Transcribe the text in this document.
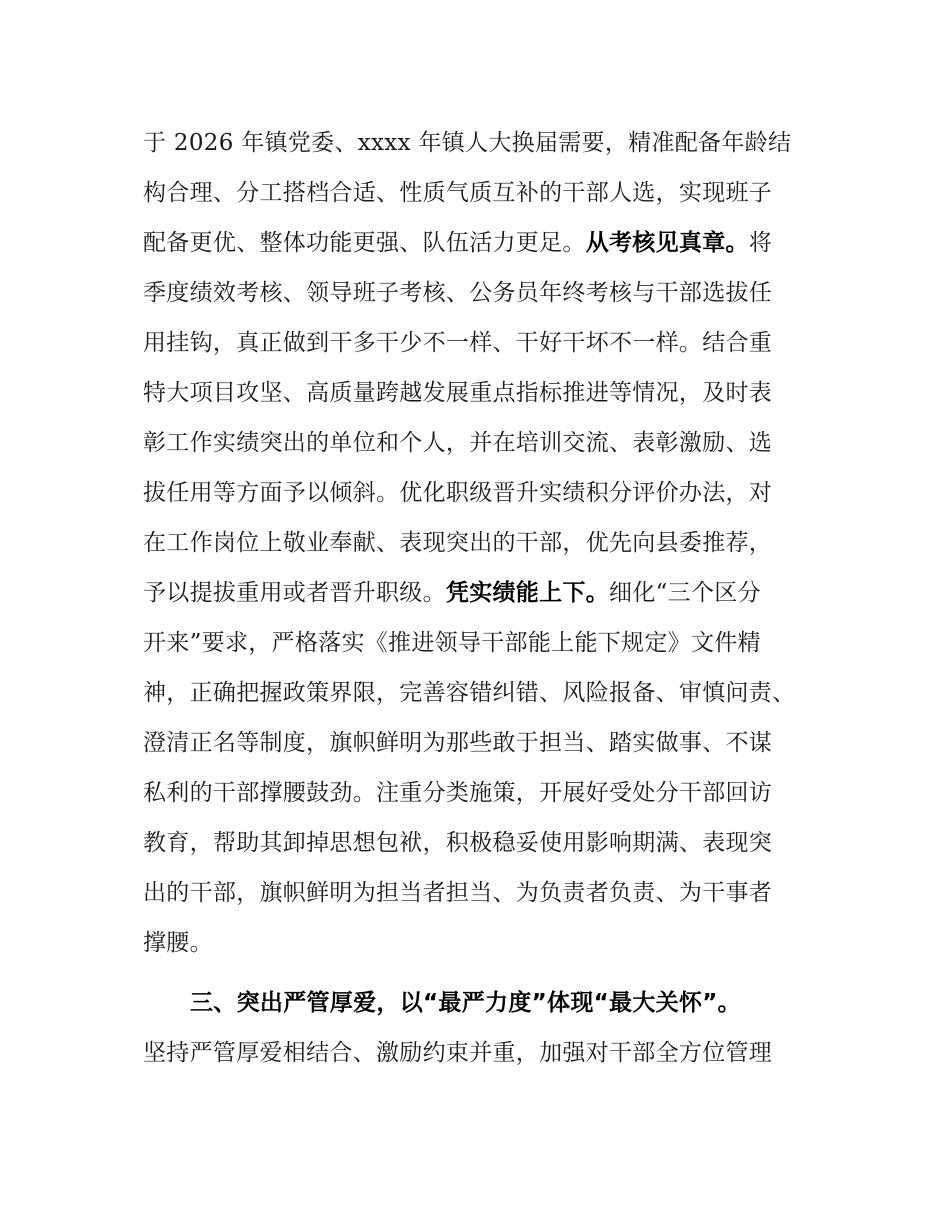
于 2026 年镇党委、xxxx 年镇人大换届需要，精准配备年龄结
构合理、分工搭档合适、性质气质互补的干部人选，实现班子
配备更优、整体功能更强、队伍活力更足。从考核见真章。将
季度绩效考核、领导班子考核、公务员年终考核与干部选拔任
用挂钩，真正做到干多干少不一样、干好干坏不一样。结合重
特大项目攻坚、高质量跨越发展重点指标推进等情况，及时表
彰工作实绩突出的单位和个人，并在培训交流、表彰激励、选
拔任用等方面予以倾斜。优化职级晋升实绩积分评价办法，对
在工作岗位上敬业奉献、表现突出的干部，优先向县委推荐，
予以提拔重用或者晋升职级。凭实绩能上下。细化“三个区分
开来”要求，严格落实《推进领导干部能上能下规定》文件精
神，正确把握政策界限，完善容错纠错、风险报备、审慎问责、
澄清正名等制度，旗帜鲜明为那些敢于担当、踏实做事、不谋
私利的干部撑腰鼓劲。注重分类施策，开展好受处分干部回访
教育，帮助其卸掉思想包袱，积极稳妥使用影响期满、表现突
出的干部，旗帜鲜明为担当者担当、为负责者负责、为干事者
撑腰。
三、突出严管厚爱，以“最严力度”体现“最大关怀”。
坚持严管厚爱相结合、激励约束并重，加强对干部全方位管理
